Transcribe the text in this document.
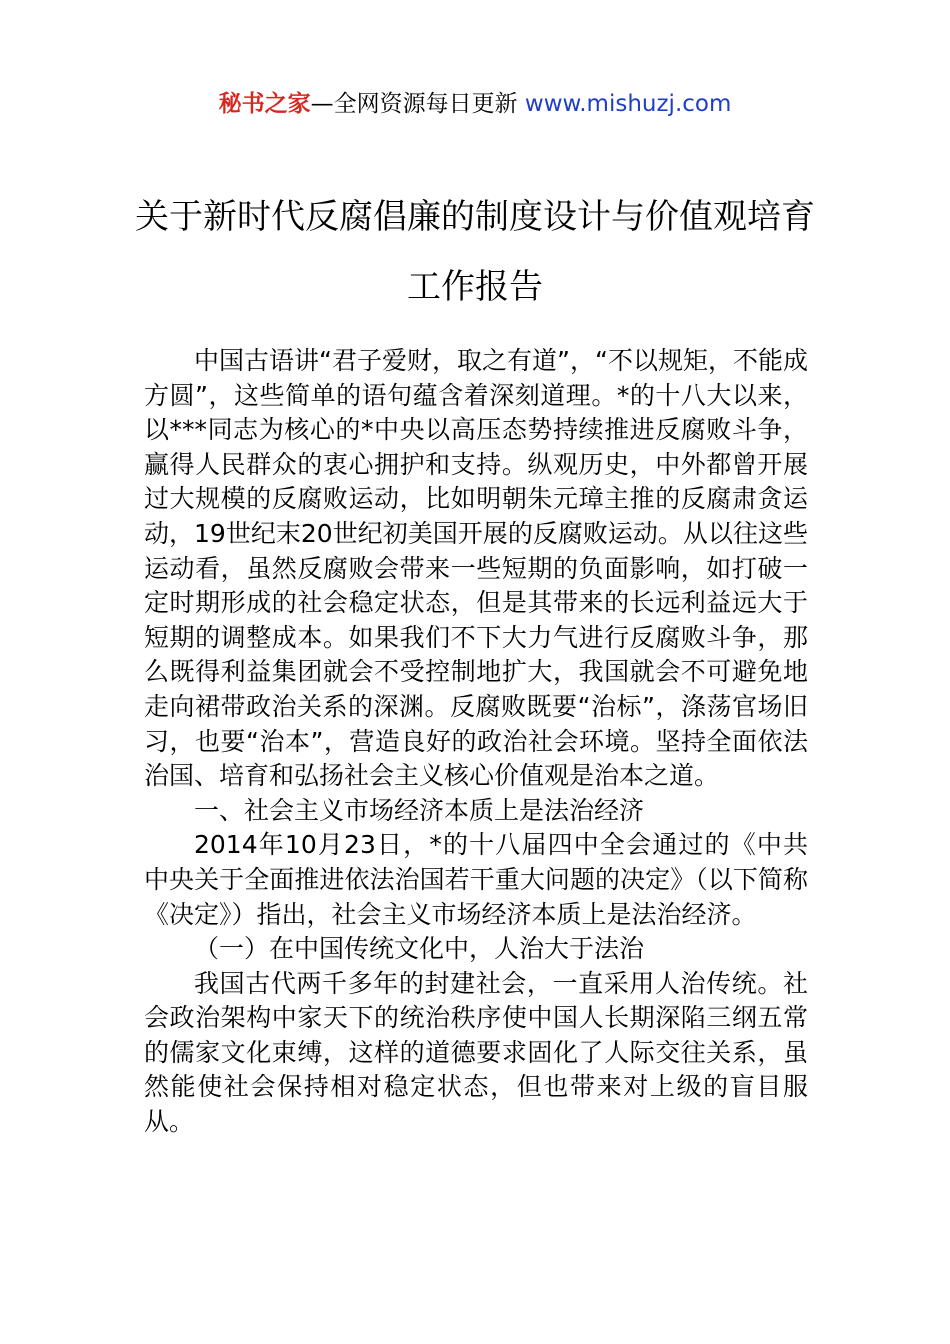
秘书之家—全网资源每日更新 www.mishuzj.com
关于新时代反腐倡廉的制度设计与价值观培育工作报告

中国古语讲“君子爱财，取之有道”，“不以规矩，不能成方圆”，这些简单的语句蕴含着深刻道理。*的十八大以来，以***同志为核心的*中央以高压态势持续推进反腐败斗争，赢得人民群众的衷心拥护和支持。纵观历史，中外都曾开展过大规模的反腐败运动，比如明朝朱元璋主推的反腐肃贪运动，19世纪末20世纪初美国开展的反腐败运动。从以往这些运动看，虽然反腐败会带来一些短期的负面影响，如打破一定时期形成的社会稳定状态，但是其带来的长远利益远大于短期的调整成本。如果我们不下大力气进行反腐败斗争，那么既得利益集团就会不受控制地扩大，我国就会不可避免地走向裙带政治关系的深渊。反腐败既要“治标”，涤荡官场旧习，也要“治本”，营造良好的政治社会环境。坚持全面依法治国、培育和弘扬社会主义核心价值观是治本之道。

一、社会主义市场经济本质上是法治经济

2014年10月23日，*的十八届四中全会通过的《中共中央关于全面推进依法治国若干重大问题的决定》（以下简称《决定》）指出，社会主义市场经济本质上是法治经济。

（一）在中国传统文化中，人治大于法治

我国古代两千多年的封建社会，一直采用人治传统。社会政治架构中家天下的统治秩序使中国人长期深陷三纲五常的儒家文化束缚，这样的道德要求固化了人际交往关系，虽然能使社会保持相对稳定状态，但也带来对上级的盲目服从。
